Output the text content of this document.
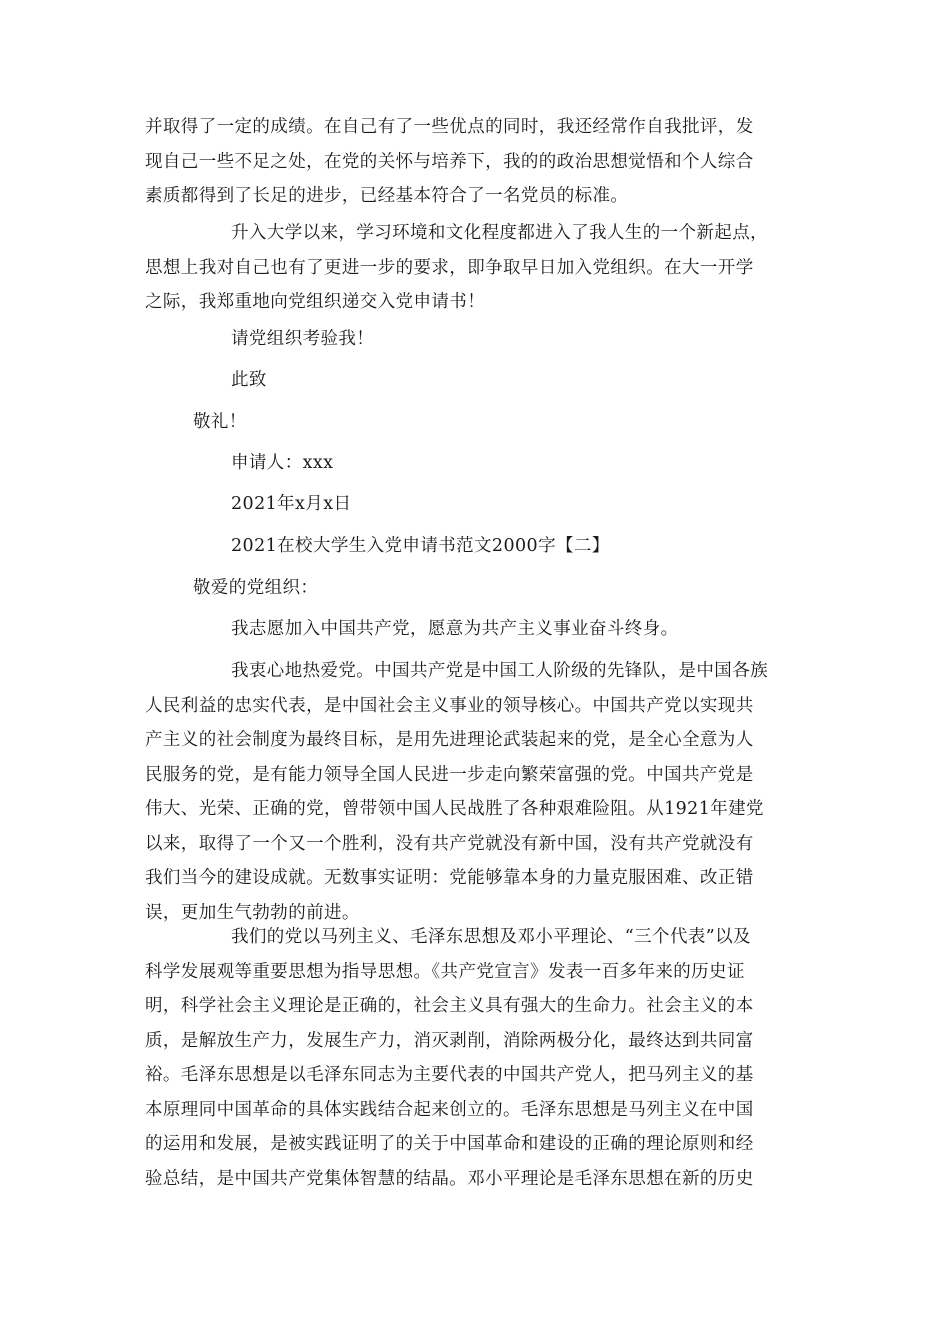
并取得了一定的成绩。在自己有了一些优点的同时，我还经常作自我批评，发
现自己一些不足之处，在党的关怀与培养下，我的的政治思想觉悟和个人综合
素质都得到了长足的进步，已经基本符合了一名党员的标准。
升入大学以来，学习环境和文化程度都进入了我人生的一个新起点，
思想上我对自己也有了更进一步的要求，即争取早日加入党组织。在大一开学
之际，我郑重地向党组织递交入党申请书！
请党组织考验我！
此致
敬礼！
申请人：xxx
2021年x月x日
2021在校大学生入党申请书范文2000字【二】
敬爱的党组织：
我志愿加入中国共产党，愿意为共产主义事业奋斗终身。
我衷心地热爱党。中国共产党是中国工人阶级的先锋队，是中国各族
人民利益的忠实代表，是中国社会主义事业的领导核心。中国共产党以实现共
产主义的社会制度为最终目标，是用先进理论武装起来的党，是全心全意为人
民服务的党，是有能力领导全国人民进一步走向繁荣富强的党。中国共产党是
伟大、光荣、正确的党，曾带领中国人民战胜了各种艰难险阻。从1921年建党
以来，取得了一个又一个胜利，没有共产党就没有新中国，没有共产党就没有
我们当今的建设成就。无数事实证明：党能够靠本身的力量克服困难、改正错
误，更加生气勃勃的前进。
我们的党以马列主义、毛泽东思想及邓小平理论、“三个代表”以及
科学发展观等重要思想为指导思想。《共产党宣言》发表一百多年来的历史证
明，科学社会主义理论是正确的，社会主义具有强大的生命力。社会主义的本
质，是解放生产力，发展生产力，消灭剥削，消除两极分化，最终达到共同富
裕。毛泽东思想是以毛泽东同志为主要代表的中国共产党人，把马列主义的基
本原理同中国革命的具体实践结合起来创立的。毛泽东思想是马列主义在中国
的运用和发展，是被实践证明了的关于中国革命和建设的正确的理论原则和经
验总结，是中国共产党集体智慧的结晶。邓小平理论是毛泽东思想在新的历史
